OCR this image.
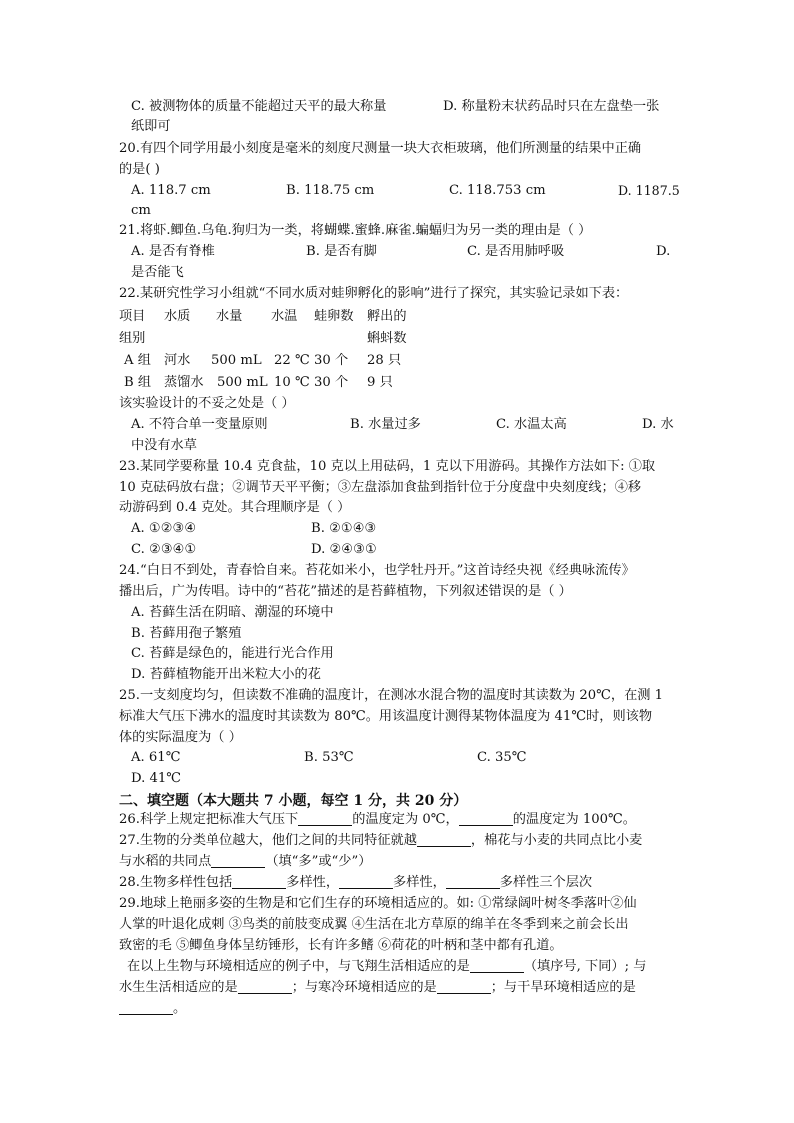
C. 被测物体的质量不能超过天平的最大称量	D. 称量粉末状药品时只在左盘垫一张
纸即可
20.有四个同学用最小刻度是毫米的刻度尺测量一块大衣柜玻璃，他们所测量的结果中正确
的是( )
A. 118.7 cm	B. 118.75 cm	C. 118.753 cm	D. 1187.5
cm
21.将虾.鲫鱼.乌龟.狗归为一类，将蝴蝶.蜜蜂.麻雀.蝙蝠归为另一类的理由是（ ）
A. 是否有脊椎	B. 是否有脚	C. 是否用肺呼吸	D.
是否能飞
22.某研究性学习小组就“不同水质对蛙卵孵化的影响”进行了探究，其实验记录如下表：
项目 水质 水量 水温 蛙卵数 孵出的
组别	蝌蚪数
A 组 河水 500 mL 22 ℃ 30 个 28 只
B 组 蒸馏水 500 mL 10 ℃ 30 个 9 只
该实验设计的不妥之处是（ ）
A. 不符合单一变量原则	B. 水量过多	C. 水温太高	D. 水
中没有水草
23.某同学要称量 10.4 克食盐，10 克以上用砝码，1 克以下用游码。其操作方法如下: ①取
10 克砝码放右盘；②调节天平平衡；③左盘添加食盐到指针位于分度盘中央刻度线；④移
动游码到 0.4 克处。其合理顺序是（ ）
A. ①②③④	B. ②①④③
C. ②③④①	D. ②④③①
24.“白日不到处，青春恰自来。苔花如米小，也学牡丹开。”这首诗经央视《经典咏流传》
播出后，广为传唱。诗中的“苔花”描述的是苔藓植物，下列叙述错误的是（ ）
A. 苔藓生活在阴暗、潮湿的环境中
B. 苔藓用孢子繁殖
C. 苔藓是绿色的，能进行光合作用
D. 苔藓植物能开出米粒大小的花
25.一支刻度均匀，但读数不准确的温度计，在测冰水混合物的温度时其读数为 20℃，在测 1
标准大气压下沸水的温度时其读数为 80℃。用该温度计测得某物体温度为 41℃时，则该物
体的实际温度为（ ）
A. 61℃	B. 53℃	C. 35℃
D. 41℃
二、填空题（本大题共 7 小题，每空 1 分，共 20 分）
26.科学上规定把标准大气压下	的温度定为 0℃，	的温度定为 100℃。
27.生物的分类单位越大，他们之间的共同特征就越	，棉花与小麦的共同点比小麦
与水稻的共同点	（填“多”或“少”）
28.生物多样性包括	多样性，	多样性，	多样性三个层次
29.地球上艳丽多姿的生物是和它们生存的环境相适应的。如: ①常绿阔叶树冬季落叶②仙
人掌的叶退化成刺 ③鸟类的前肢变成翼 ④生活在北方草原的绵羊在冬季到来之前会长出
致密的毛 ⑤鲫鱼身体呈纺锤形，长有许多鳍 ⑥荷花的叶柄和茎中都有孔道。
在以上生物与环境相适应的例子中，与飞翔生活相适应的是	（填序号, 下同）; 与
水生生活相适应的是	；与寒冷环境相适应的是	；与干旱环境相适应的是
。
